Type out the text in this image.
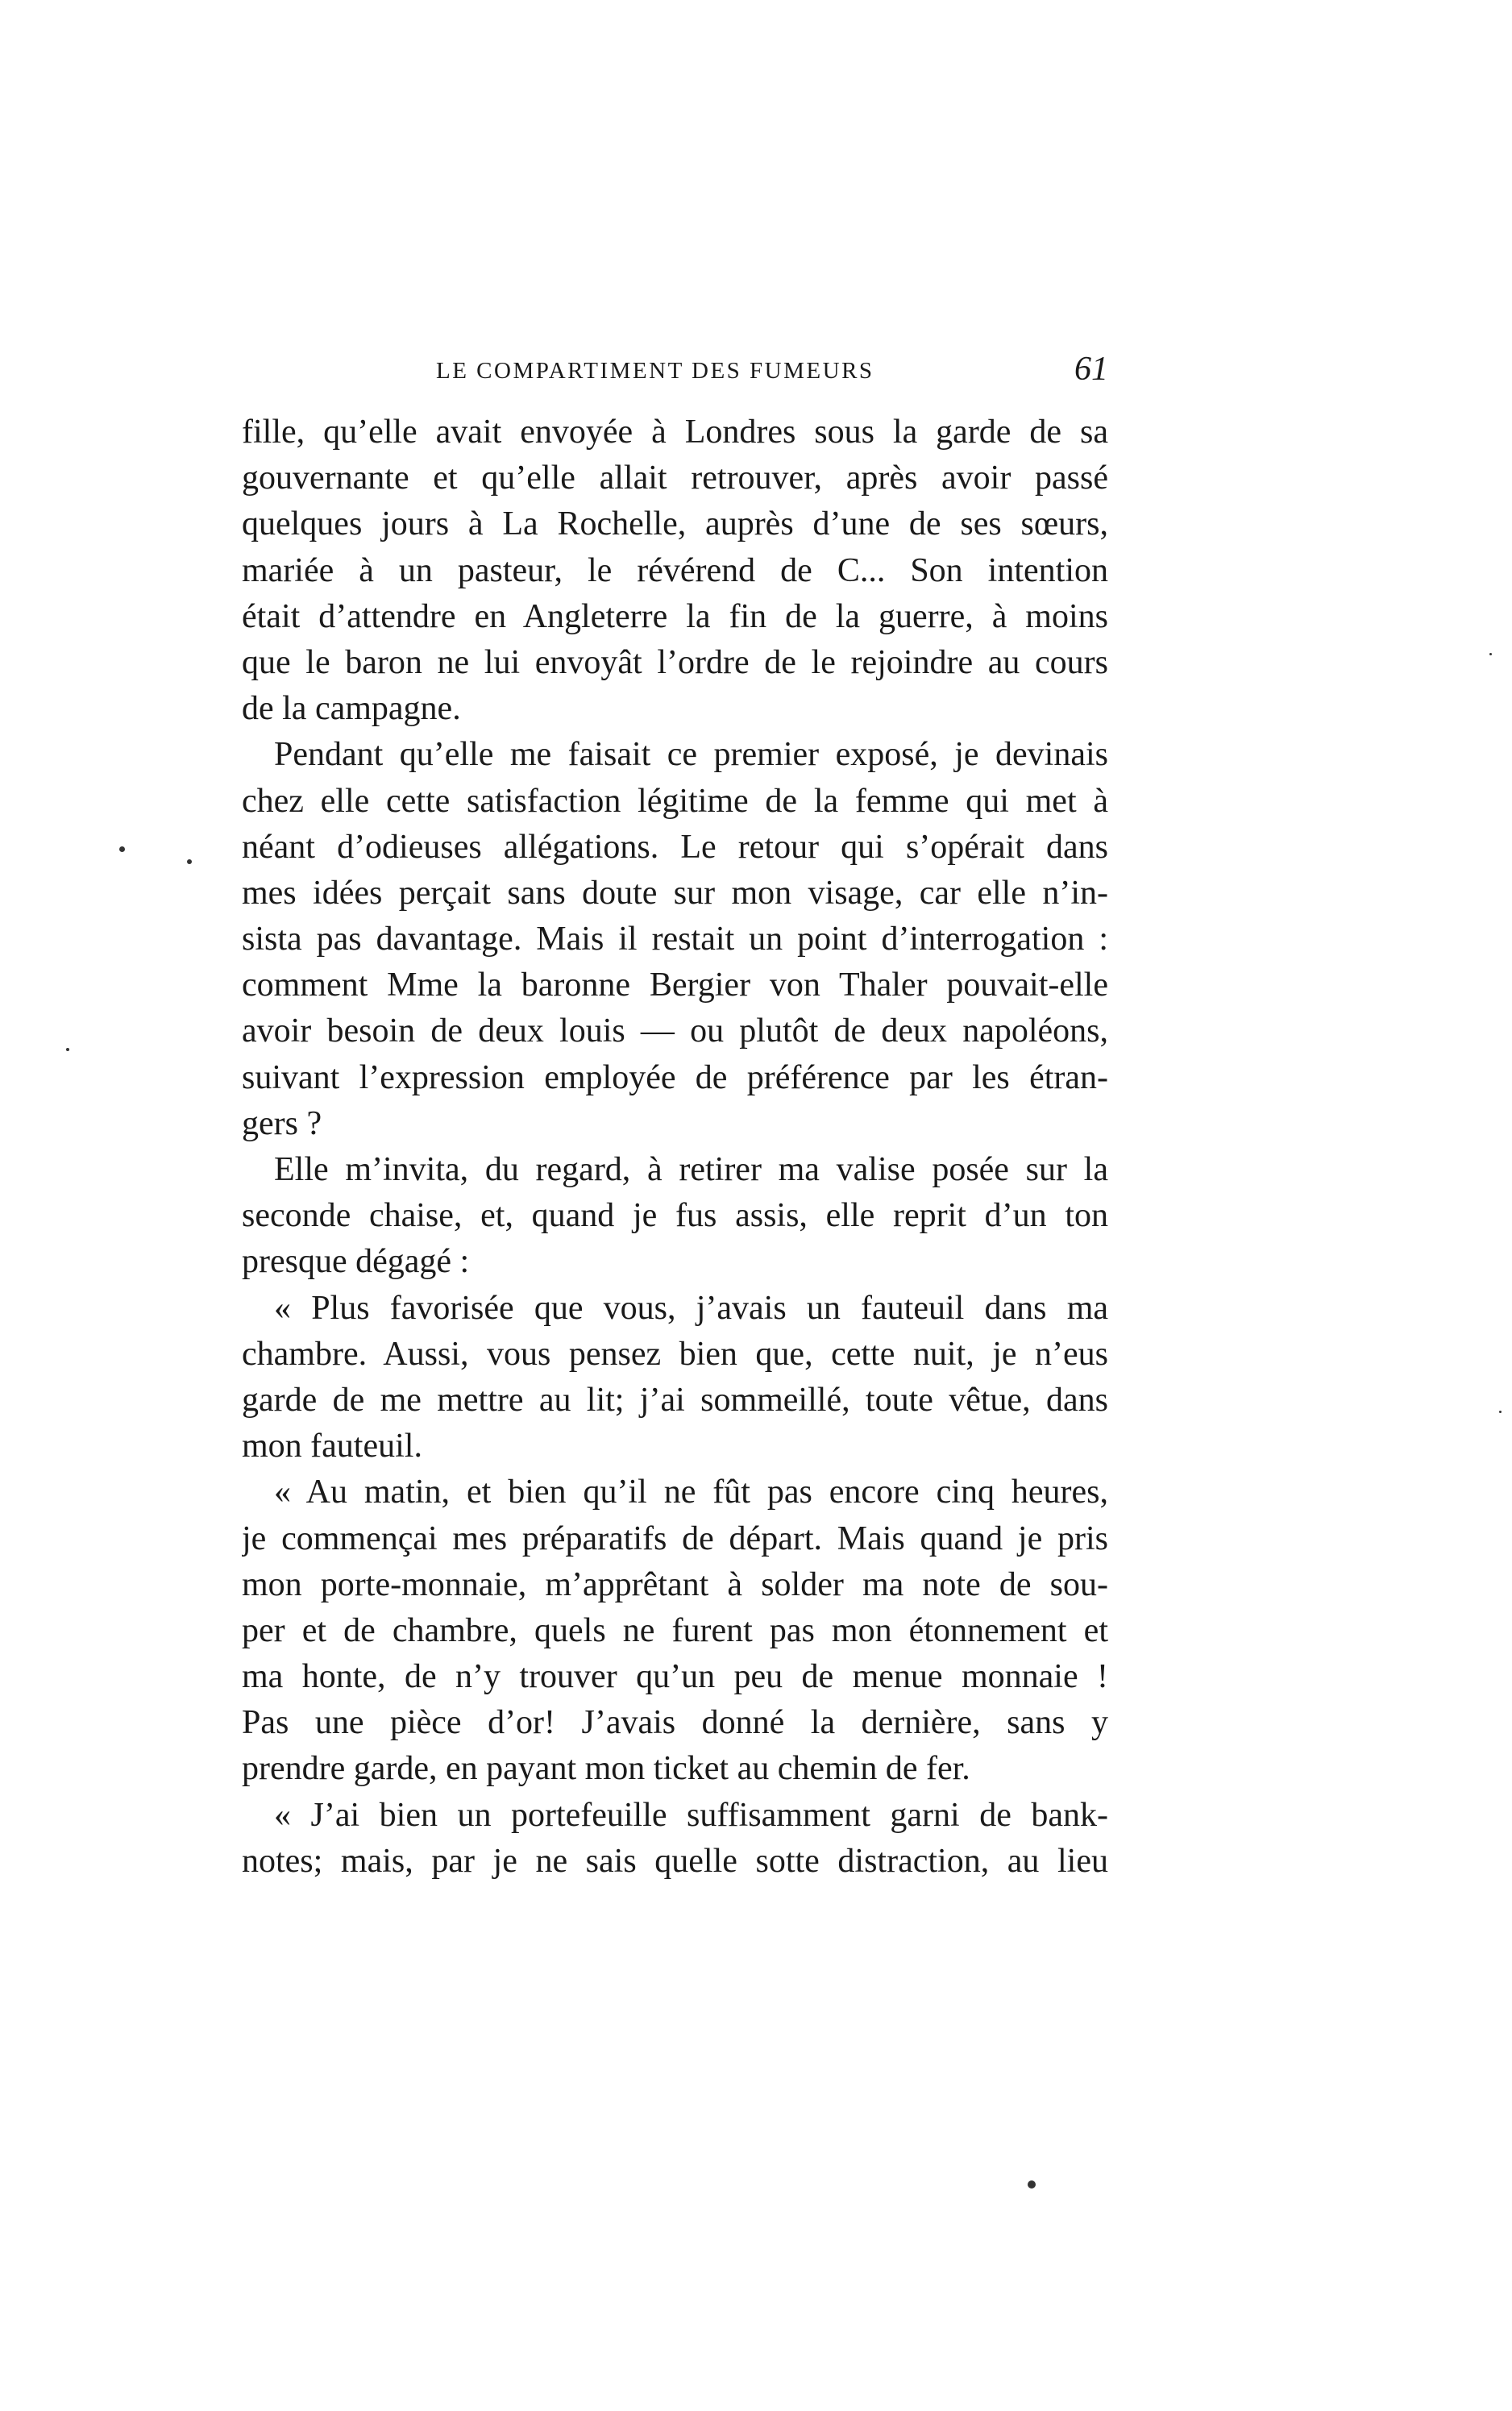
LE COMPARTIMENT DES FUMEURS	61
fille, qu’elle avait envoyée à Londres sous la garde de sa
gouvernante et qu’elle allait retrouver, après avoir passé
quelques jours à La Rochelle, auprès d’une de ses sœurs,
mariée à un pasteur, le révérend de C... Son intention
était d’attendre en Angleterre la fin de la guerre, à moins
que le baron ne lui envoyât l’ordre de le rejoindre au cours
de la campagne.
Pendant qu’elle me faisait ce premier exposé, je devinais
chez elle cette satisfaction légitime de la femme qui met à
néant d’odieuses allégations. Le retour qui s’opérait dans
mes idées perçait sans doute sur mon visage, car elle n’in-
sista pas davantage. Mais il restait un point d’interrogation :
comment Mme la baronne Bergier von Thaler pouvait-elle
avoir besoin de deux louis — ou plutôt de deux napoléons,
suivant l’expression employée de préférence par les étran-
gers ?
Elle m’invita, du regard, à retirer ma valise posée sur la
seconde chaise, et, quand je fus assis, elle reprit d’un ton
presque dégagé :
« Plus favorisée que vous, j’avais un fauteuil dans ma
chambre. Aussi, vous pensez bien que, cette nuit, je n’eus
garde de me mettre au lit; j’ai sommeillé, toute vêtue, dans
mon fauteuil.
« Au matin, et bien qu’il ne fût pas encore cinq heures,
je commençai mes préparatifs de départ. Mais quand je pris
mon porte-monnaie, m’apprêtant à solder ma note de sou-
per et de chambre, quels ne furent pas mon étonnement et
ma honte, de n’y trouver qu’un peu de menue monnaie !
Pas une pièce d’or! J’avais donné la dernière, sans y
prendre garde, en payant mon ticket au chemin de fer.
« J’ai bien un portefeuille suffisamment garni de bank-
notes; mais, par je ne sais quelle sotte distraction, au lieu
